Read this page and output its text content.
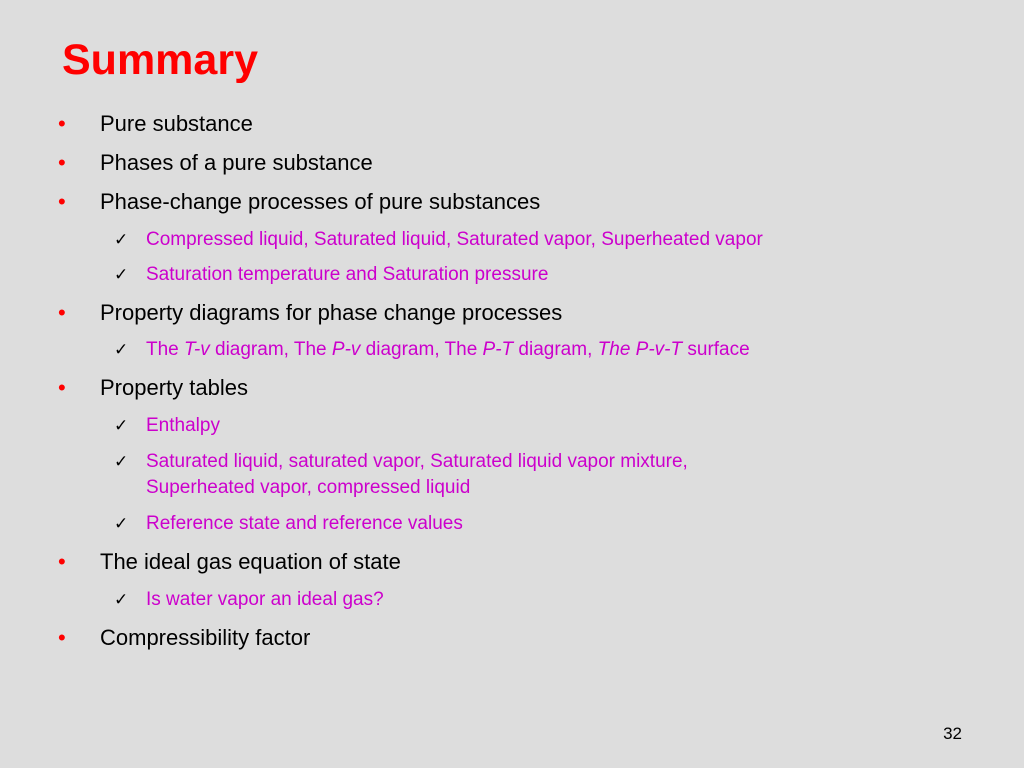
Summary
• Pure substance
• Phases of a pure substance
• Phase-change processes of pure substances
✓ Compressed liquid, Saturated liquid, Saturated vapor, Superheated vapor
✓ Saturation temperature and Saturation pressure
• Property diagrams for phase change processes
✓ The T-v diagram, The P-v diagram, The P-T diagram, The P-v-T surface
• Property tables
✓ Enthalpy
✓ Saturated liquid, saturated vapor, Saturated liquid vapor mixture,
Superheated vapor, compressed liquid
✓ Reference state and reference values
• The ideal gas equation of state
✓ Is water vapor an ideal gas?
• Compressibility factor
32
